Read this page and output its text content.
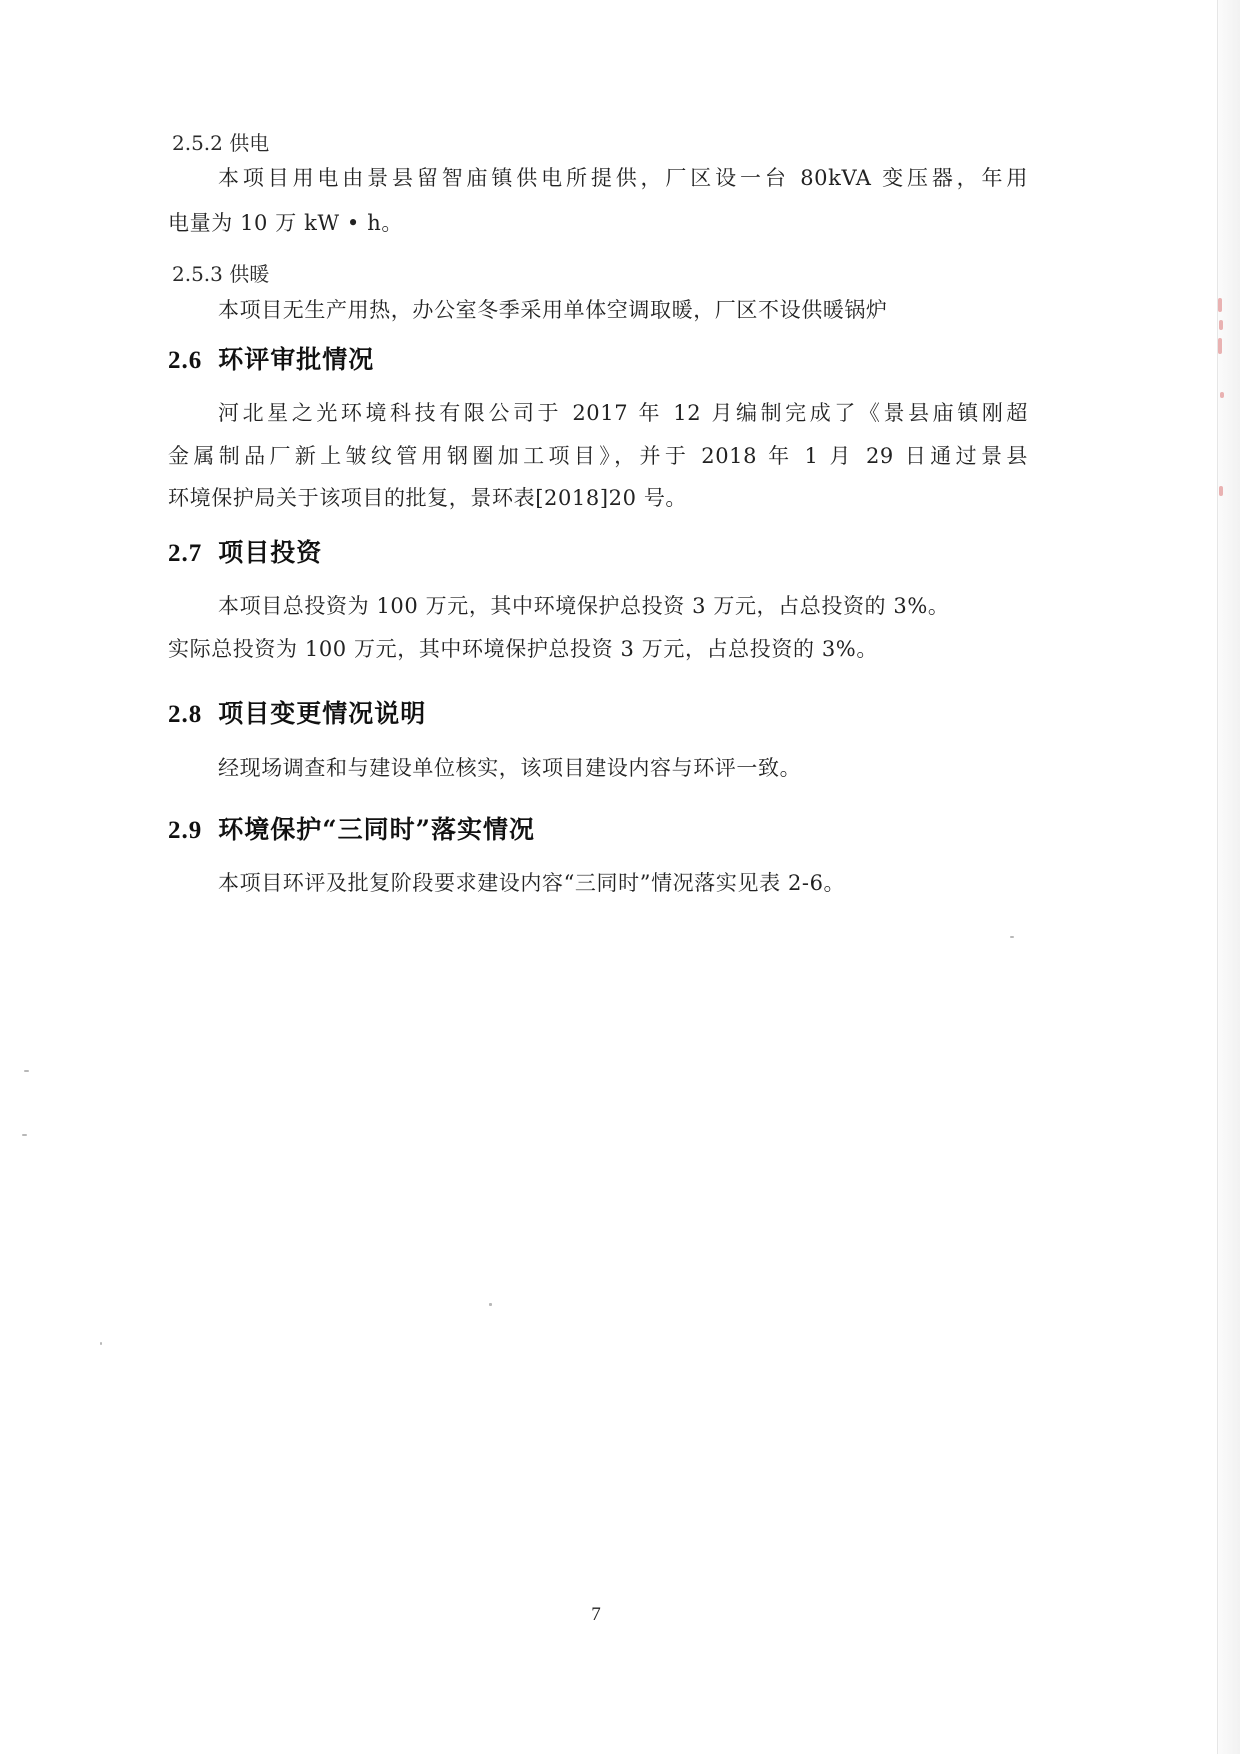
2.5.2 供电
本项目用电由景县留智庙镇供电所提供，厂区设一台 80kVA 变压器，年用
电量为 10 万 kW • h。
2.5.3 供暖
本项目无生产用热，办公室冬季采用单体空调取暖，厂区不设供暖锅炉
2.6 环评审批情况
河北星之光环境科技有限公司于 2017 年 12 月编制完成了《景县庙镇刚超
金属制品厂新上皱纹管用钢圈加工项目》，并于 2018 年 1 月 29 日通过景县
环境保护局关于该项目的批复，景环表[2018]20 号。
2.7 项目投资
本项目总投资为 100 万元，其中环境保护总投资 3 万元，占总投资的 3%。
实际总投资为 100 万元，其中环境保护总投资 3 万元，占总投资的 3%。
2.8 项目变更情况说明
经现场调查和与建设单位核实，该项目建设内容与环评一致。
2.9 环境保护“三同时”落实情况
本项目环评及批复阶段要求建设内容“三同时”情况落实见表 2-6。
7
